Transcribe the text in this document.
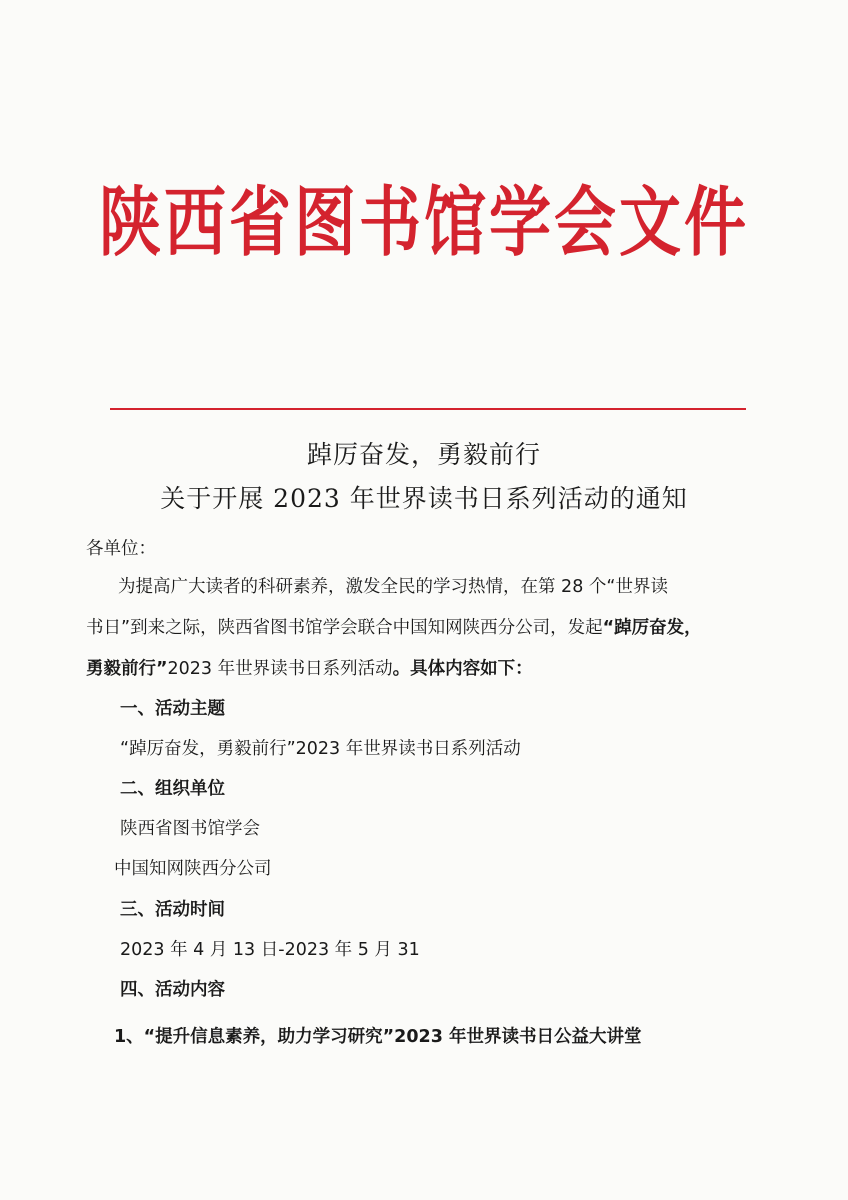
陕西省图书馆学会文件
踔厉奋发，勇毅前行
关于开展 2023 年世界读书日系列活动的通知
各单位：
为提高广大读者的科研素养，激发全民的学习热情，在第 28 个“世界读
书日”到来之际，陕西省图书馆学会联合中国知网陕西分公司，发起“踔厉奋发，
勇毅前行”2023 年世界读书日系列活动。具体内容如下：
一、活动主题
“踔厉奋发，勇毅前行”2023 年世界读书日系列活动
二、组织单位
陕西省图书馆学会
中国知网陕西分公司
三、活动时间
2023 年 4 月 13 日-2023 年 5 月 31
四、活动内容
1、“提升信息素养，助力学习研究”2023 年世界读书日公益大讲堂
